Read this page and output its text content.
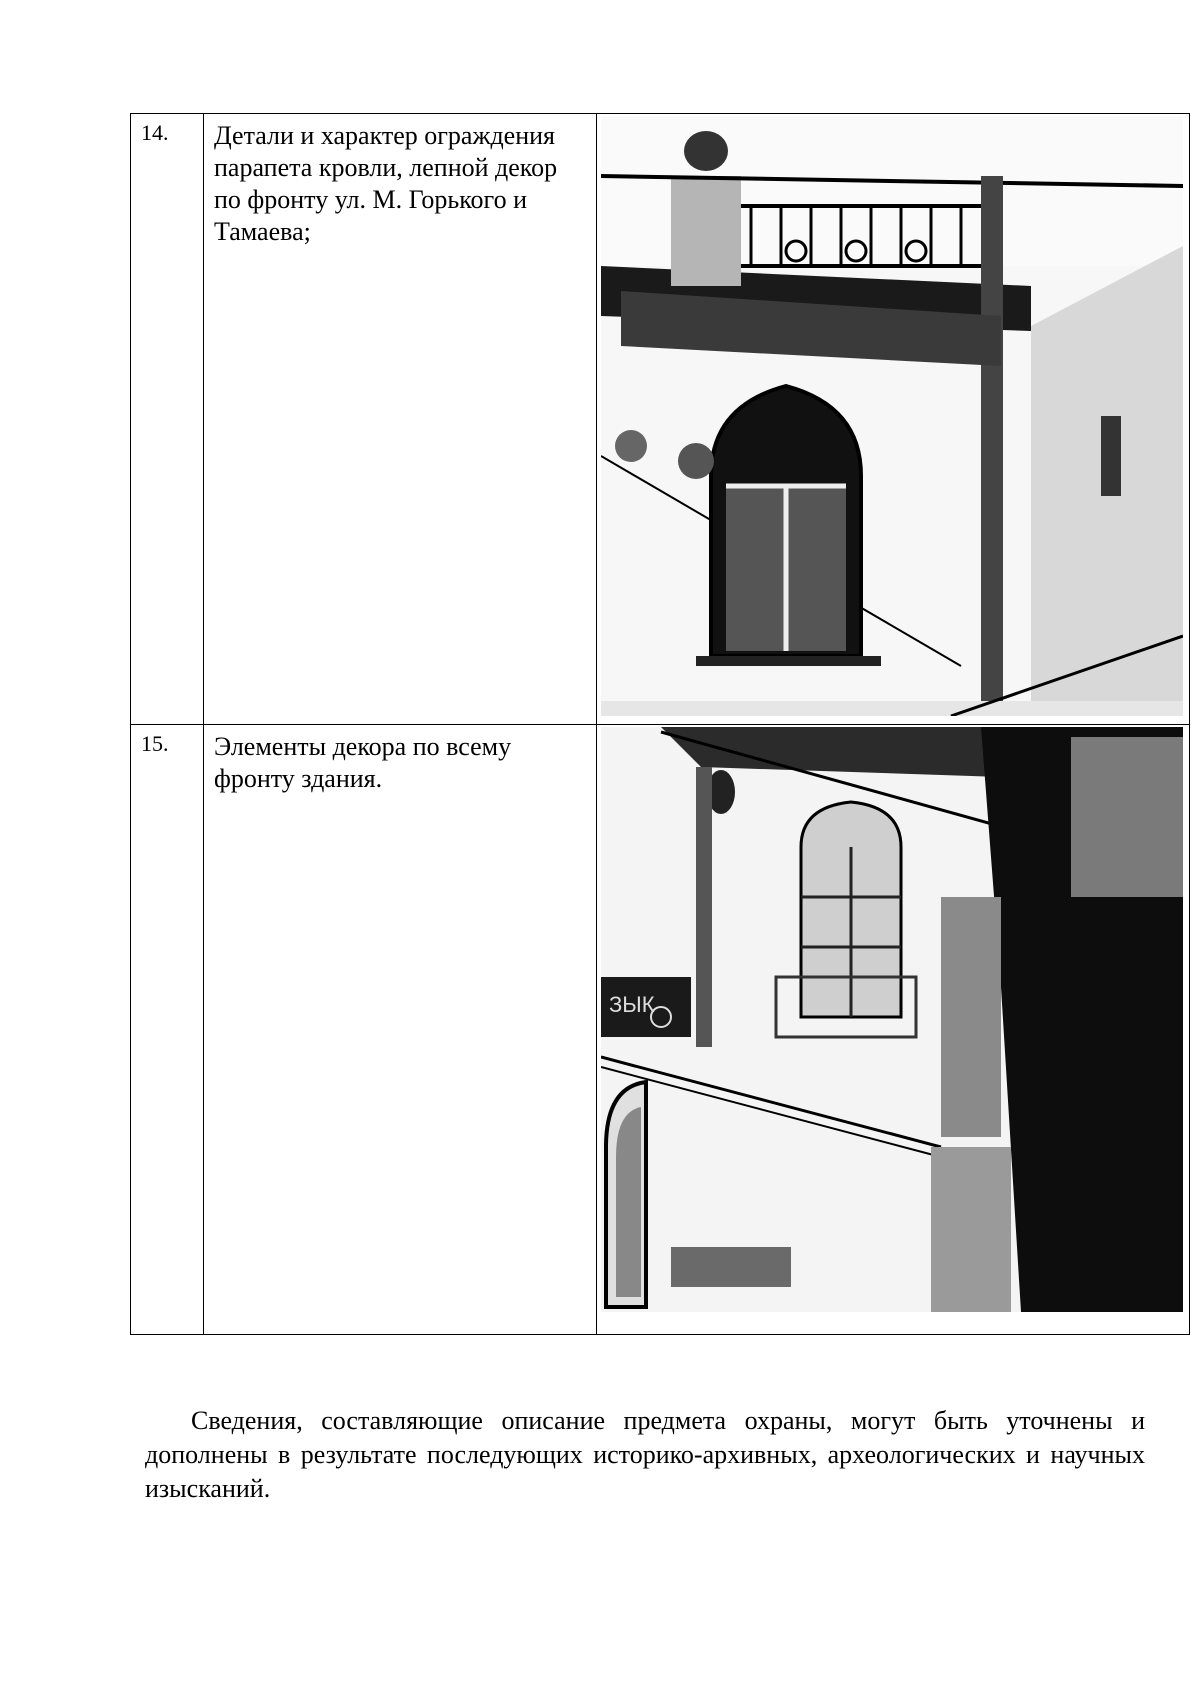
14.	Детали и характер ограждения парапета кровли, лепной декор по фронту ул. М. Горького и Тамаева;	

15.	Элементы декора по всему фронту здания.	ЗЫК

Сведения, составляющие описание предмета охраны, могут быть уточнены и дополнены в результате последующих историко-архивных, археологических и научных изысканий.
